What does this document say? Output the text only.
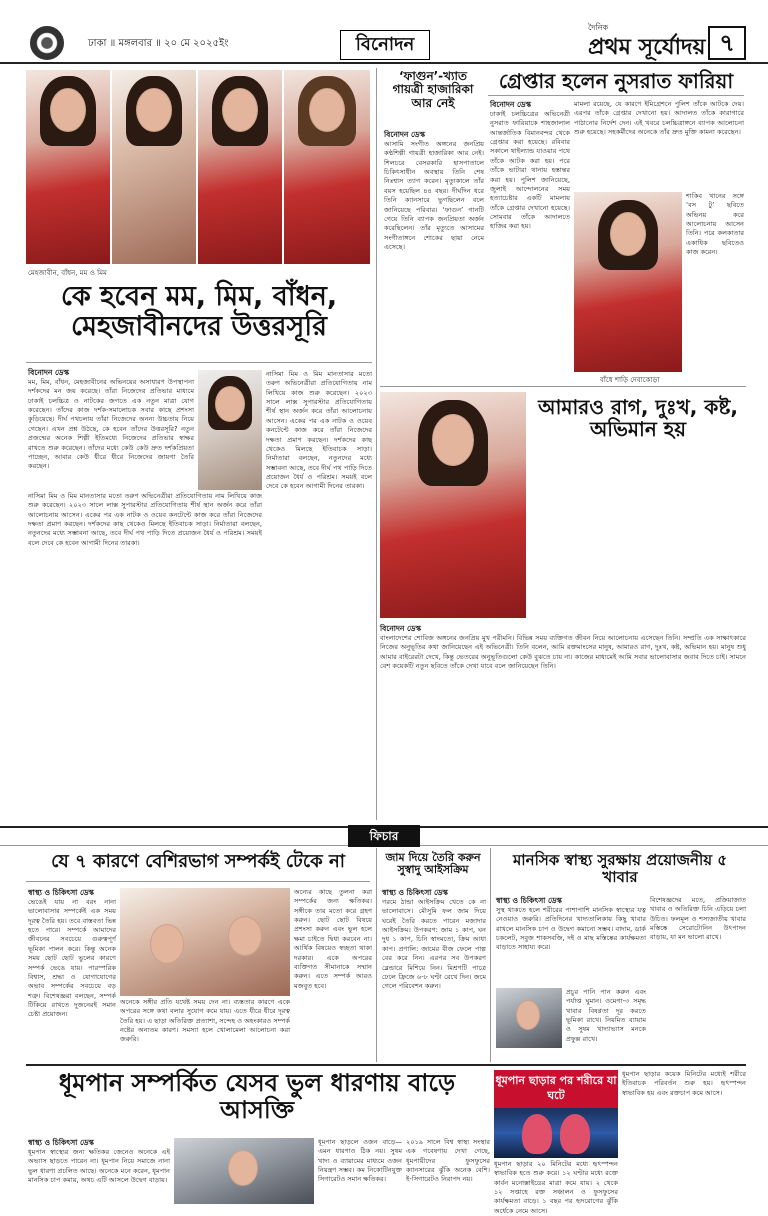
ঢাকা ॥ মঙ্গলবার ॥ ২০ মে ২০২৫ইং	বিনোদন
দৈনিক
প্রথম সূর্যোদয় ৭
মেহজাবীন, বাঁধন, মম ও মিম
কে হবেন মম, মিম, বাঁধন, মেহজাবীনদের উত্তরসূরি
বিনোদন ডেস্ক
মম, মিম, বাঁধন, মেহজাবীনের অভিনয়ের অসাধারণ উপস্থাপনা দর্শকদের মন জয় করেছে। তাঁরা নিজেদের প্রতিভার মাধ্যমে ঢাকাই চলচ্চিত্র ও নাটকের জগতে এক নতুন মাত্রা যোগ করেছেন। তাঁদের কাজ দর্শক-সমালোচক সবার কাছে প্রশংসা কুড়িয়েছে। দীর্ঘ পথচলায় তাঁরা নিজেদের অনন্য উচ্চতায় নিয়ে গেছেন। এখন প্রশ্ন উঠছে, কে হবেন তাঁদের উত্তরসূরি? নতুন প্রজন্মের অনেক শিল্পী ইতিমধ্যে নিজেদের প্রতিভার স্বাক্ষর রাখতে শুরু করেছেন। তাঁদের মধ্যে কেউ কেউ দ্রুত দর্শকপ্রিয়তা পাচ্ছেন, আবার কেউ ধীরে ধীরে নিজেদের জায়গা তৈরি করছেন।
নাসিমা মিম ও মিম মানতাসার মতো তরুণ অভিনেত্রীরা প্রতিযোগিতায় নাম লিখিয়ে কাজ শুরু করেছেন। ২০২৩ সালে লাক্স সুপারস্টার প্রতিযোগিতায় শীর্ষ স্থান অর্জন করে তাঁরা আলোচনায় আসেন। একের পর এক নাটক ও ওয়েব কনটেন্টে কাজ করে তাঁরা নিজেদের দক্ষতা প্রমাণ করছেন। দর্শকদের কাছ থেকেও মিলছে ইতিবাচক সাড়া। নির্মাতারা বলছেন, নতুনদের মধ্যে সম্ভাবনা আছে, তবে দীর্ঘ পথ পাড়ি দিতে প্রয়োজন ধৈর্য ও পরিশ্রম। সময়ই বলে দেবে কে হবেন আগামী দিনের তারকা।
নাসিমা মিম ও মিম মানতাসার মতো তরুণ অভিনেত্রীরা প্রতিযোগিতায় নাম লিখিয়ে কাজ শুরু করেছেন। ২০২৩ সালে লাক্স সুপারস্টার প্রতিযোগিতায় শীর্ষ স্থান অর্জন করে তাঁরা আলোচনায় আসেন। একের পর এক নাটক ও ওয়েব কনটেন্টে কাজ করে তাঁরা নিজেদের দক্ষতা প্রমাণ করছেন। দর্শকদের কাছ থেকেও মিলছে ইতিবাচক সাড়া। নির্মাতারা বলছেন, নতুনদের মধ্যে সম্ভাবনা আছে, তবে দীর্ঘ পথ পাড়ি দিতে প্রয়োজন ধৈর্য ও পরিশ্রম। সময়ই বলে দেবে কে হবেন আগামী দিনের তারকা।
‘ফাগুন’-খ্যাত গায়ত্রী হাজারিকা আর নেই
বিনোদন ডেস্ক
আসামি সংগীত অঙ্গনের জনপ্রিয় কণ্ঠশিল্পী গায়ত্রী হাজারিকা আর নেই। শিলচরে বেসরকারি হাসপাতালে চিকিৎসাধীন অবস্থায় তিনি শেষ নিঃশ্বাস ত্যাগ করেন। মৃত্যুকালে তাঁর বয়স হয়েছিল ৪৪ বছর। দীর্ঘদিন ধরে তিনি ক্যানসারে ভুগছিলেন বলে জানিয়েছে পরিবার। ‘ফাগুন’ গানটি গেয়ে তিনি ব্যাপক জনপ্রিয়তা অর্জন করেছিলেন। তাঁর মৃত্যুতে আসামের সংগীতাঙ্গনে শোকের ছায়া নেমে এসেছে।
গ্রেপ্তার হলেন নুসরাত ফারিয়া
বিনোদন ডেস্ক
ঢাকাই চলচ্চিত্রের অভিনেত্রী নুসরাত ফারিয়াকে শাহজালাল আন্তর্জাতিক বিমানবন্দর থেকে গ্রেপ্তার করা হয়েছে। রবিবার সকালে থাইল্যান্ড যাওয়ার পথে তাঁকে আটক করা হয়। পরে তাঁকে ভাটারা থানায় হস্তান্তর করা হয়। পুলিশ জানিয়েছে, জুলাই আন্দোলনের সময় হত্যাচেষ্টার একটি মামলায় তাঁকে গ্রেপ্তার দেখানো হয়েছে। সোমবার তাঁকে আদালতে হাজির করা হয়।
মামলা রয়েছে, যে কারণে ইমিগ্রেশনে পুলিশ তাঁকে আটকে দেয়। এরপর তাঁকে গ্রেপ্তার দেখানো হয়। আদালত তাঁকে কারাগারে পাঠানোর নির্দেশ দেন। এই খবরে চলচ্চিত্রাঙ্গনে ব্যাপক আলোচনা শুরু হয়েছে। সহকর্মীদের অনেকে তাঁর দ্রুত মুক্তি কামনা করেছেন।
শাকিব খানের সঙ্গে ‘বস টু’ ছবিতে অভিনয় করে আলোচনায় আসেন তিনি। পরে কলকাতার একাধিক ছবিতেও কাজ করেন।
বাঁধে শাড়ি দেবাকোড়া
আমারও রাগ, দুঃখ, কষ্ট, অভিমান হয়
বিনোদন ডেস্ক
বাংলাদেশের শোবিজ অঙ্গনের জনপ্রিয় মুখ পরীমনি। বিভিন্ন সময় ব্যক্তিগত জীবন নিয়ে আলোচনায় এসেছেন তিনি। সম্প্রতি এক সাক্ষাৎকারে নিজের অনুভূতির কথা জানিয়েছেন এই অভিনেত্রী। তিনি বলেন, আমি রক্তমাংসের মানুষ, আমারও রাগ, দুঃখ, কষ্ট, অভিমান হয়। মানুষ শুধু আমার বাইরেরটা দেখে, কিন্তু ভেতরের অনুভূতিগুলো কেউ বুঝতে চায় না। কাজের মাধ্যমেই আমি সবার ভালোবাসার জবাব দিতে চাই। সামনে বেশ কয়েকটি নতুন ছবিতে তাঁকে দেখা যাবে বলে জানিয়েছেন তিনি।
ফিচার
যে ৭ কারণে বেশিরভাগ সম্পর্কই টেকে না
স্বাস্থ্য ও চিকিৎসা ডেস্ক
ভেঙেই যায় না বরং নানা ভালোবাসার সম্পর্কেই এক সময় দূরত্ব তৈরি হয়। তবে বাস্তবতা ভিন্ন হতে পারে। সম্পর্কে আমাদের জীবনের সবচেয়ে গুরুত্বপূর্ণ ভূমিকা পালন করে। কিন্তু অনেক সময় ছোট ছোট ভুলের কারণে সম্পর্ক ভেঙে যায়। পারস্পরিক বিশ্বাস, শ্রদ্ধা ও যোগাযোগের অভাব সম্পর্কের সবচেয়ে বড় শত্রু। বিশেষজ্ঞরা বলছেন, সম্পর্ক টিকিয়ে রাখতে দুজনেরই সমান চেষ্টা প্রয়োজন।
অনেকে সঙ্গীর প্রতি যথেষ্ট সময় দেন না। ব্যস্ততার কারণে একে অপরের সঙ্গে কথা বলার সুযোগ কমে যায়। এতে ধীরে ধীরে দূরত্ব তৈরি হয়। এ ছাড়া অতিরিক্ত প্রত্যাশা, সন্দেহ ও অহংকারও সম্পর্ক নষ্টের অন্যতম কারণ। সমস্যা হলে খোলামেলা আলোচনা করা জরুরি।
অন্যের কাছে তুলনা করা সম্পর্কের জন্য ক্ষতিকর। সঙ্গীকে তার মতো করে গ্রহণ করুন। ছোট ছোট বিষয়ে প্রশংসা করুন এবং ভুল হলে ক্ষমা চাইতে দ্বিধা করবেন না। আর্থিক বিষয়েও স্বচ্ছতা থাকা দরকার। একে অপরের ব্যক্তিগত সীমানাকে সম্মান করুন। এতে সম্পর্ক আরও মজবুত হবে।
জাম দিয়ে তৈরি করুন সুস্বাদু আইসক্রিম
স্বাস্থ্য ও চিকিৎসা ডেস্ক
গরমে ঠান্ডা আইসক্রিম খেতে কে না ভালোবাসে। মৌসুমি ফল জাম দিয়ে ঘরেই তৈরি করতে পারেন মজাদার আইসক্রিম। উপকরণ: জাম ১ কাপ, ঘন দুধ ১ কাপ, চিনি স্বাদমতো, ক্রিম আধা কাপ। প্রণালি: জামের বীজ ফেলে পাল্প বের করে নিন। এরপর সব উপকরণ ব্লেন্ডারে মিশিয়ে নিন। মিশ্রণটি পাত্রে ঢেলে ফ্রিজে ৬-৮ ঘণ্টা রেখে দিন। জমে গেলে পরিবেশন করুন।
মানসিক স্বাস্থ্য সুরক্ষায় প্রয়োজনীয় ৫ খাবার
স্বাস্থ্য ও চিকিৎসা ডেস্ক
সুস্থ থাকতে হলে শরীরের পাশাপাশি মানসিক স্বাস্থ্যের যত্ন নেওয়াও জরুরি। প্রতিদিনের খাদ্যতালিকায় কিছু খাবার রাখলে মানসিক চাপ ও উদ্বেগ কমানো সম্ভব। বাদাম, ডার্ক চকলেট, সবুজ শাকসবজি, দই ও মাছ মস্তিষ্কের কার্যক্ষমতা বাড়াতে সাহায্য করে।
বিশেষজ্ঞদের মতে, প্রক্রিয়াজাত খাবার ও অতিরিক্ত চিনি এড়িয়ে চলা উচিত। ফলমূল ও শস্যজাতীয় খাবার মস্তিষ্কে সেরোটোনিন উৎপাদন বাড়ায়, যা মন ভালো রাখে।
প্রচুর পানি পান করুন এবং পর্যাপ্ত ঘুমান। ওমেগা-৩ সমৃদ্ধ খাবার বিষণ্ণতা দূর করতে ভূমিকা রাখে। নিয়মিত ব্যায়াম ও সুষম খাদ্যাভ্যাস মনকে প্রফুল্ল রাখে।
ধূমপান সম্পর্কিত যেসব ভুল ধারণায় বাড়ে আসক্তি
স্বাস্থ্য ও চিকিৎসা ডেস্ক
ধূমপান স্বাস্থ্যের জন্য ক্ষতিকর জেনেও অনেকে এই অভ্যাস ছাড়তে পারেন না। ধূমপান নিয়ে সমাজে নানা ভুল ধারণা প্রচলিত আছে। অনেকে মনে করেন, ধূমপান মানসিক চাপ কমায়, অথচ এটি আসলে উদ্বেগ বাড়ায়।
ধূমপান ছাড়লে ওজন বাড়ে—এমন ধারণাও ঠিক নয়। সুষম খাদ্য ও ব্যায়ামের মাধ্যমে ওজন নিয়ন্ত্রণ সম্ভব। কম নিকোটিনযুক্ত সিগারেটও সমান ক্ষতিকর।
২০১৯ সালে বিশ্ব স্বাস্থ্য সংস্থার এক গবেষণায় দেখা গেছে, ধূমপায়ীদের ফুসফুসের ক্যানসারের ঝুঁকি অনেক বেশি। ই-সিগারেটও নিরাপদ নয়।
ধূমপান ছাড়ার পর শরীরে যা ঘটে
ধূমপান ছাড়ার ২০ মিনিটের মধ্যে হৃৎস্পন্দন স্বাভাবিক হতে শুরু করে। ১২ ঘণ্টার মধ্যে রক্তে কার্বন মনোক্সাইডের মাত্রা কমে যায়। ২ থেকে ১২ সপ্তাহে রক্ত সঞ্চালন ও ফুসফুসের কার্যক্ষমতা বাড়ে। ১ বছর পর হৃদরোগের ঝুঁকি অর্ধেকে নেমে আসে।
ধূমপান ছাড়ার কয়েক মিনিটের মধ্যেই শরীরে ইতিবাচক পরিবর্তন শুরু হয়। হৃৎস্পন্দন স্বাভাবিক হয় এবং রক্তচাপ কমে আসে।
